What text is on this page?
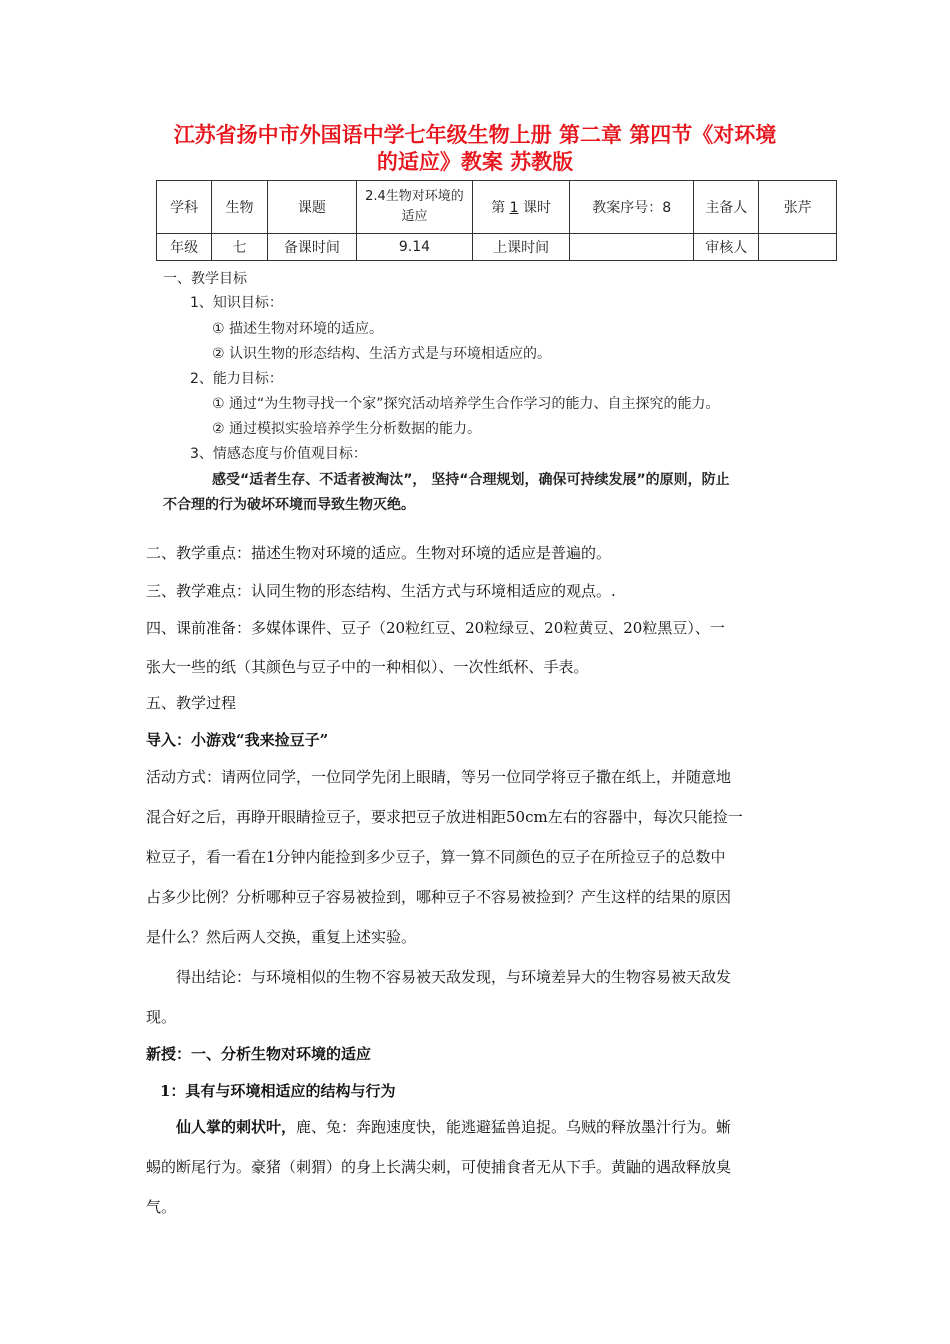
江苏省扬中市外国语中学七年级生物上册 第二章 第四节《对环境
的适应》教案 苏教版
学科	生物	课题	2.4生物对环境的适应	第 1 课时	教案序号：8	主备人	张芹
年级	七	备课时间	9.14	上课时间		审核人	
一、教学目标
1、知识目标：
① 描述生物对环境的适应。
② 认识生物的形态结构、生活方式是与环境相适应的。
2、能力目标：
① 通过“为生物寻找一个家”探究活动培养学生合作学习的能力、自主探究的能力。
② 通过模拟实验培养学生分析数据的能力。
3、情感态度与价值观目标：
感受“适者生存、不适者被淘汰”， 坚持“合理规划，确保可持续发展”的原则，防止
不合理的行为破坏环境而导致生物灭绝。
二、教学重点：描述生物对环境的适应。生物对环境的适应是普遍的。
三、教学难点：认同生物的形态结构、生活方式与环境相适应的观点。.
四、课前准备：多媒体课件、豆子（20粒红豆、20粒绿豆、20粒黄豆、20粒黑豆）、一
张大一些的纸（其颜色与豆子中的一种相似）、一次性纸杯、手表。
五、教学过程
导入：小游戏“我来捡豆子”
活动方式：请两位同学，一位同学先闭上眼睛，等另一位同学将豆子撒在纸上，并随意地
混合好之后，再睁开眼睛捡豆子，要求把豆子放进相距50cm左右的容器中，每次只能捡一
粒豆子，看一看在1分钟内能捡到多少豆子，算一算不同颜色的豆子在所捡豆子的总数中
占多少比例？分析哪种豆子容易被捡到，哪种豆子不容易被捡到？产生这样的结果的原因
是什么？然后两人交换，重复上述实验。
得出结论：与环境相似的生物不容易被天敌发现，与环境差异大的生物容易被天敌发
现。
新授：一、分析生物对环境的适应
1：具有与环境相适应的结构与行为
仙人掌的刺状叶，鹿、兔：奔跑速度快，能逃避猛兽追捉。乌贼的释放墨汁行为。蜥
蜴的断尾行为。豪猪（刺猬）的身上长满尖刺，可使捕食者无从下手。黄鼬的遇敌释放臭
气。
